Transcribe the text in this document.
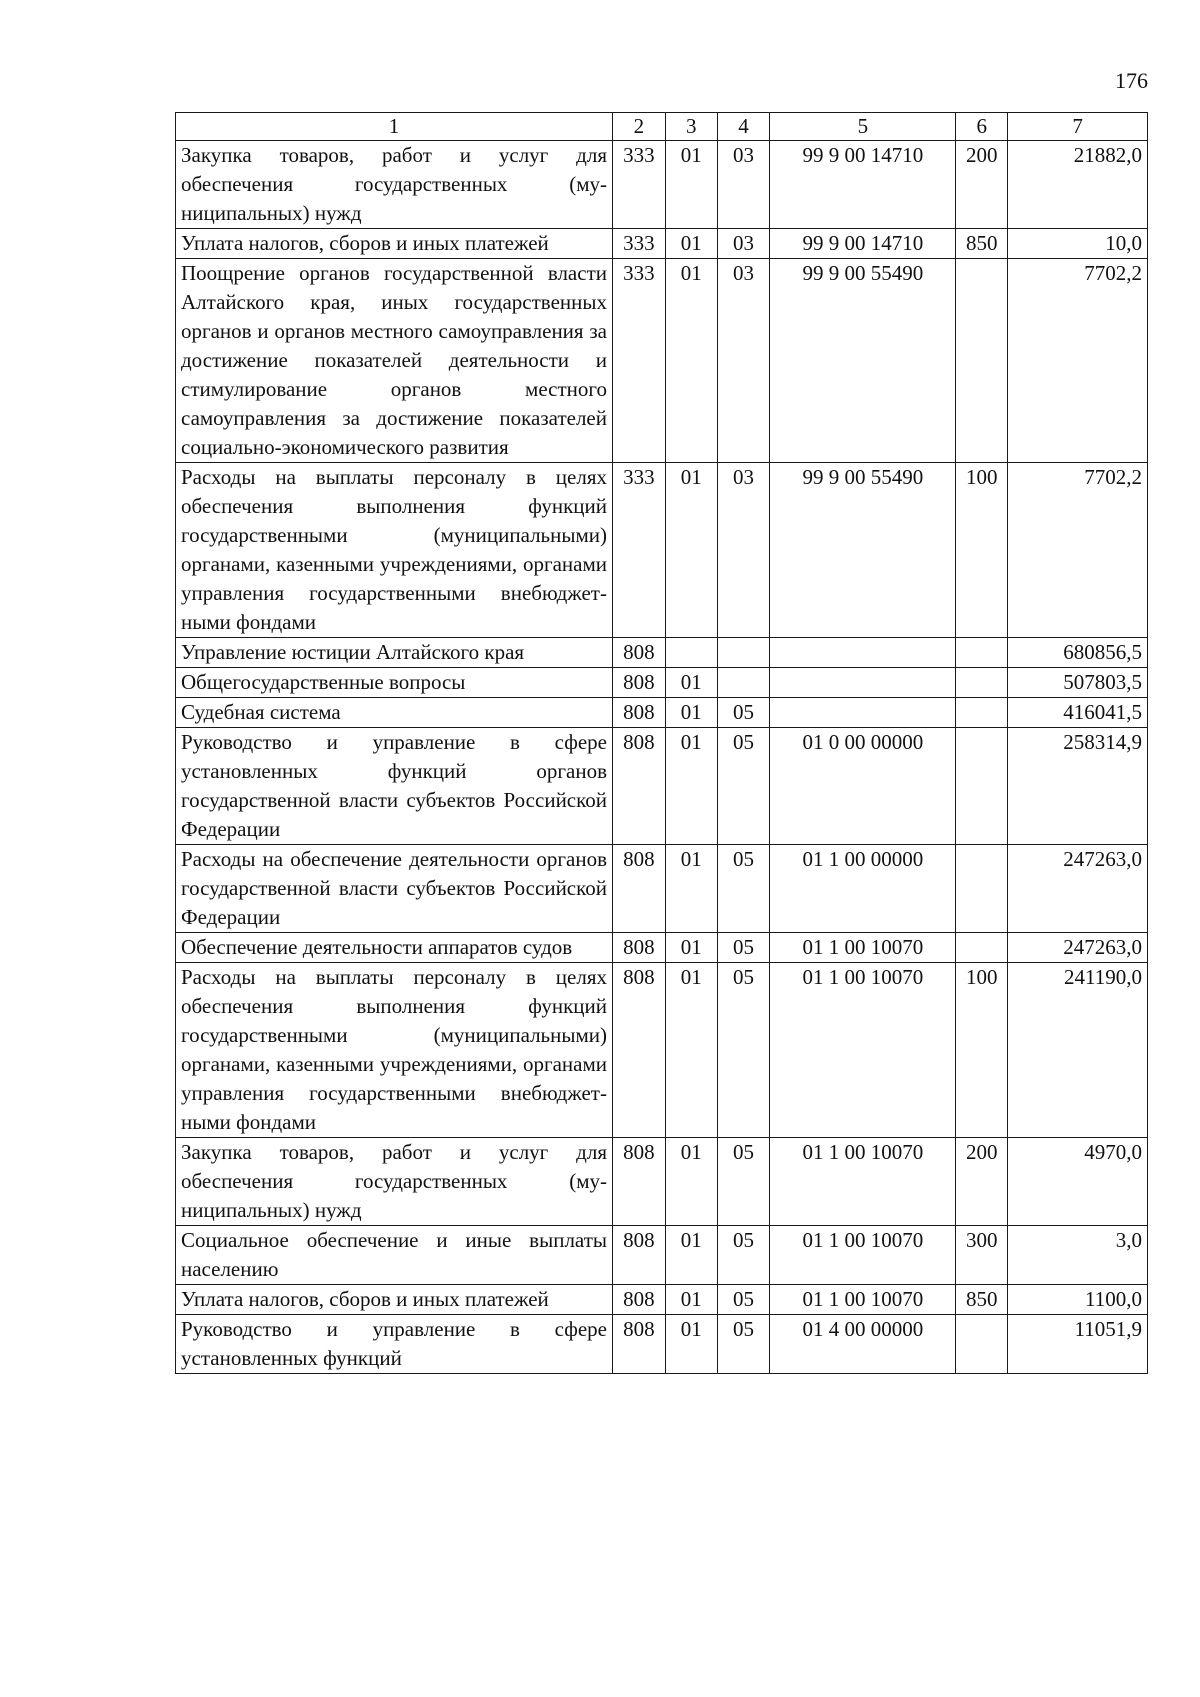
176
1	2	3	4	5	6	7
Закупка товаров, работ и услуг для обеспечения государственных (муниципальных) нужд	333	01	03	99 9 00 14710	200	21882,0
Уплата налогов, сборов и иных платежей	333	01	03	99 9 00 14710	850	10,0
Поощрение органов государственной власти Алтайского края, иных государственных органов и органов местного самоуправления за достижение показателей деятельности и стимулирование органов местного самоуправления за достижение показателей социально-экономического развития	333	01	03	99 9 00 55490		7702,2
Расходы на выплаты персоналу в целях обеспечения выполнения функций государственными (муниципальными) органами, казенными учреждениями, органами управления государственными внебюджетными фондами	333	01	03	99 9 00 55490	100	7702,2
Управление юстиции Алтайского края	808					680856,5
Общегосударственные вопросы	808	01				507803,5
Судебная система	808	01	05			416041,5
Руководство и управление в сфере установленных функций органов государственной власти субъектов Российской Федерации	808	01	05	01 0 00 00000		258314,9
Расходы на обеспечение деятельности органов государственной власти субъектов Российской Федерации	808	01	05	01 1 00 00000		247263,0
Обеспечение деятельности аппаратов судов	808	01	05	01 1 00 10070		247263,0
Расходы на выплаты персоналу в целях обеспечения выполнения функций государственными (муниципальными) органами, казенными учреждениями, органами управления государственными внебюджетными фондами	808	01	05	01 1 00 10070	100	241190,0
Закупка товаров, работ и услуг для обеспечения государственных (муниципальных) нужд	808	01	05	01 1 00 10070	200	4970,0
Социальное обеспечение и иные выплаты населению	808	01	05	01 1 00 10070	300	3,0
Уплата налогов, сборов и иных платежей	808	01	05	01 1 00 10070	850	1100,0
Руководство и управление в сфере установленных функций	808	01	05	01 4 00 00000		11051,9
